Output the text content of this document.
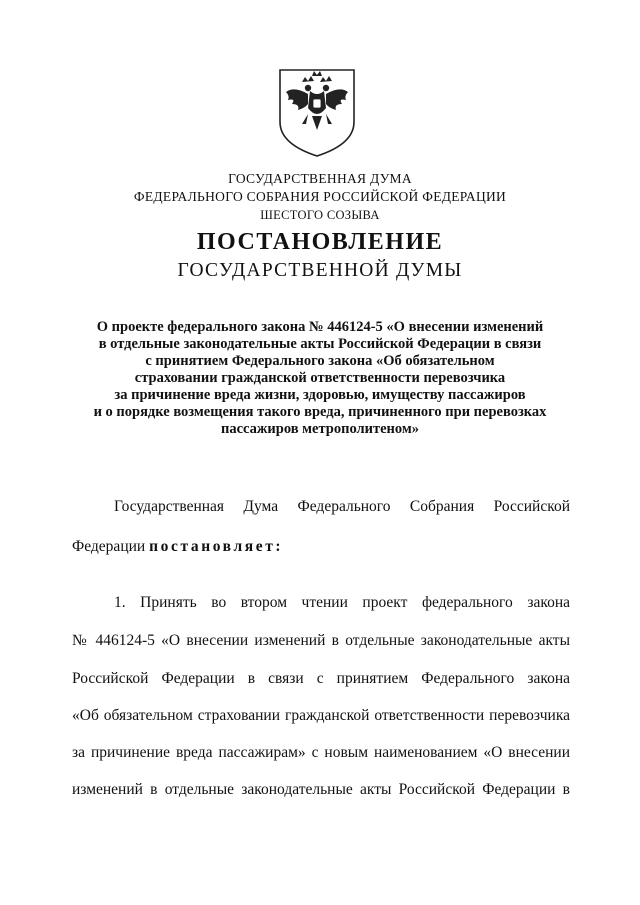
ГОСУДАРСТВЕННАЯ ДУМА
ФЕДЕРАЛЬНОГО СОБРАНИЯ РОССИЙСКОЙ ФЕДЕРАЦИИ
ШЕСТОГО СОЗЫВА
ПОСТАНОВЛЕНИЕ
ГОСУДАРСТВЕННОЙ ДУМЫ
О проекте федерального закона № 446124-5 «О внесении изменений
в отдельные законодательные акты Российской Федерации в связи
с принятием Федерального закона «Об обязательном
страховании гражданской ответственности перевозчика
за причинение вреда жизни, здоровью, имуществу пассажиров
и о порядке возмещения такого вреда, причиненного при перевозках
пассажиров метрополитеном»
Государственная Дума Федерального Собрания Российской
Федерации постановляет:
1. Принять во втором чтении проект федерального закона
№ 446124-5 «О внесении изменений в отдельные законодательные акты
Российской Федерации в связи с принятием Федерального закона
«Об обязательном страховании гражданской ответственности перевозчика
за причинение вреда пассажирам» с новым наименованием «О внесении
изменений в отдельные законодательные акты Российской Федерации в
